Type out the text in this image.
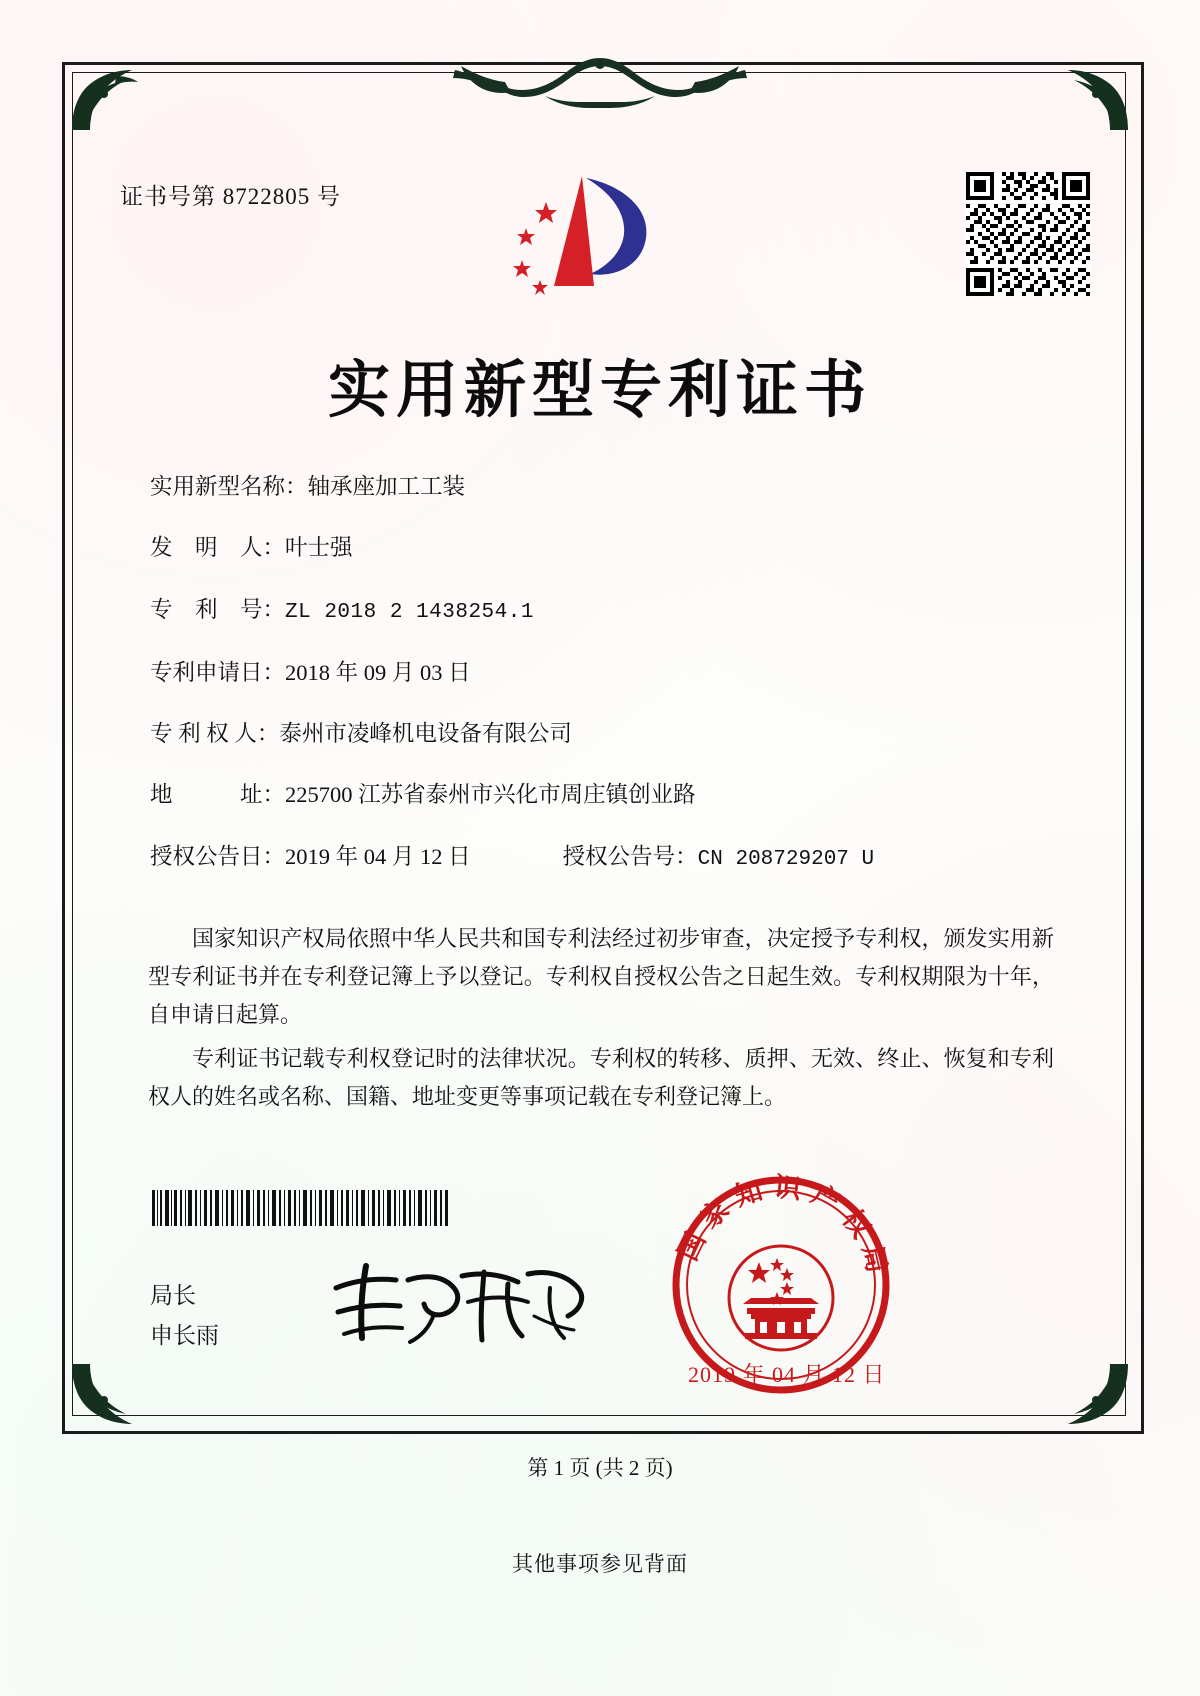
证书号第 8722805 号
实用新型专利证书
实用新型名称： 轴承座加工工装
发　明　人： 叶士强
专　利　号： ZL 2018 2 1438254.1
专利申请日： 2018 年 09 月 03 日
专 利 权 人： 泰州市凌峰机电设备有限公司
地　　　址： 225700 江苏省泰州市兴化市周庄镇创业路
授权公告日： 2019 年 04 月 12 日	授权公告号： CN 208729207 U

国家知识产权局依照中华人民共和国专利法经过初步审查，决定授予专利权，颁发实用新型专利证书并在专利登记簿上予以登记。专利权自授权公告之日起生效。专利权期限为十年，自申请日起算。

专利证书记载专利权登记时的法律状况。专利权的转移、质押、无效、终止、恢复和专利权人的姓名或名称、国籍、地址变更等事项记载在专利登记簿上。

局长
申长雨
国家知识产权局
2019 年 04 月 12 日
第 1 页 (共 2 页)
其他事项参见背面
